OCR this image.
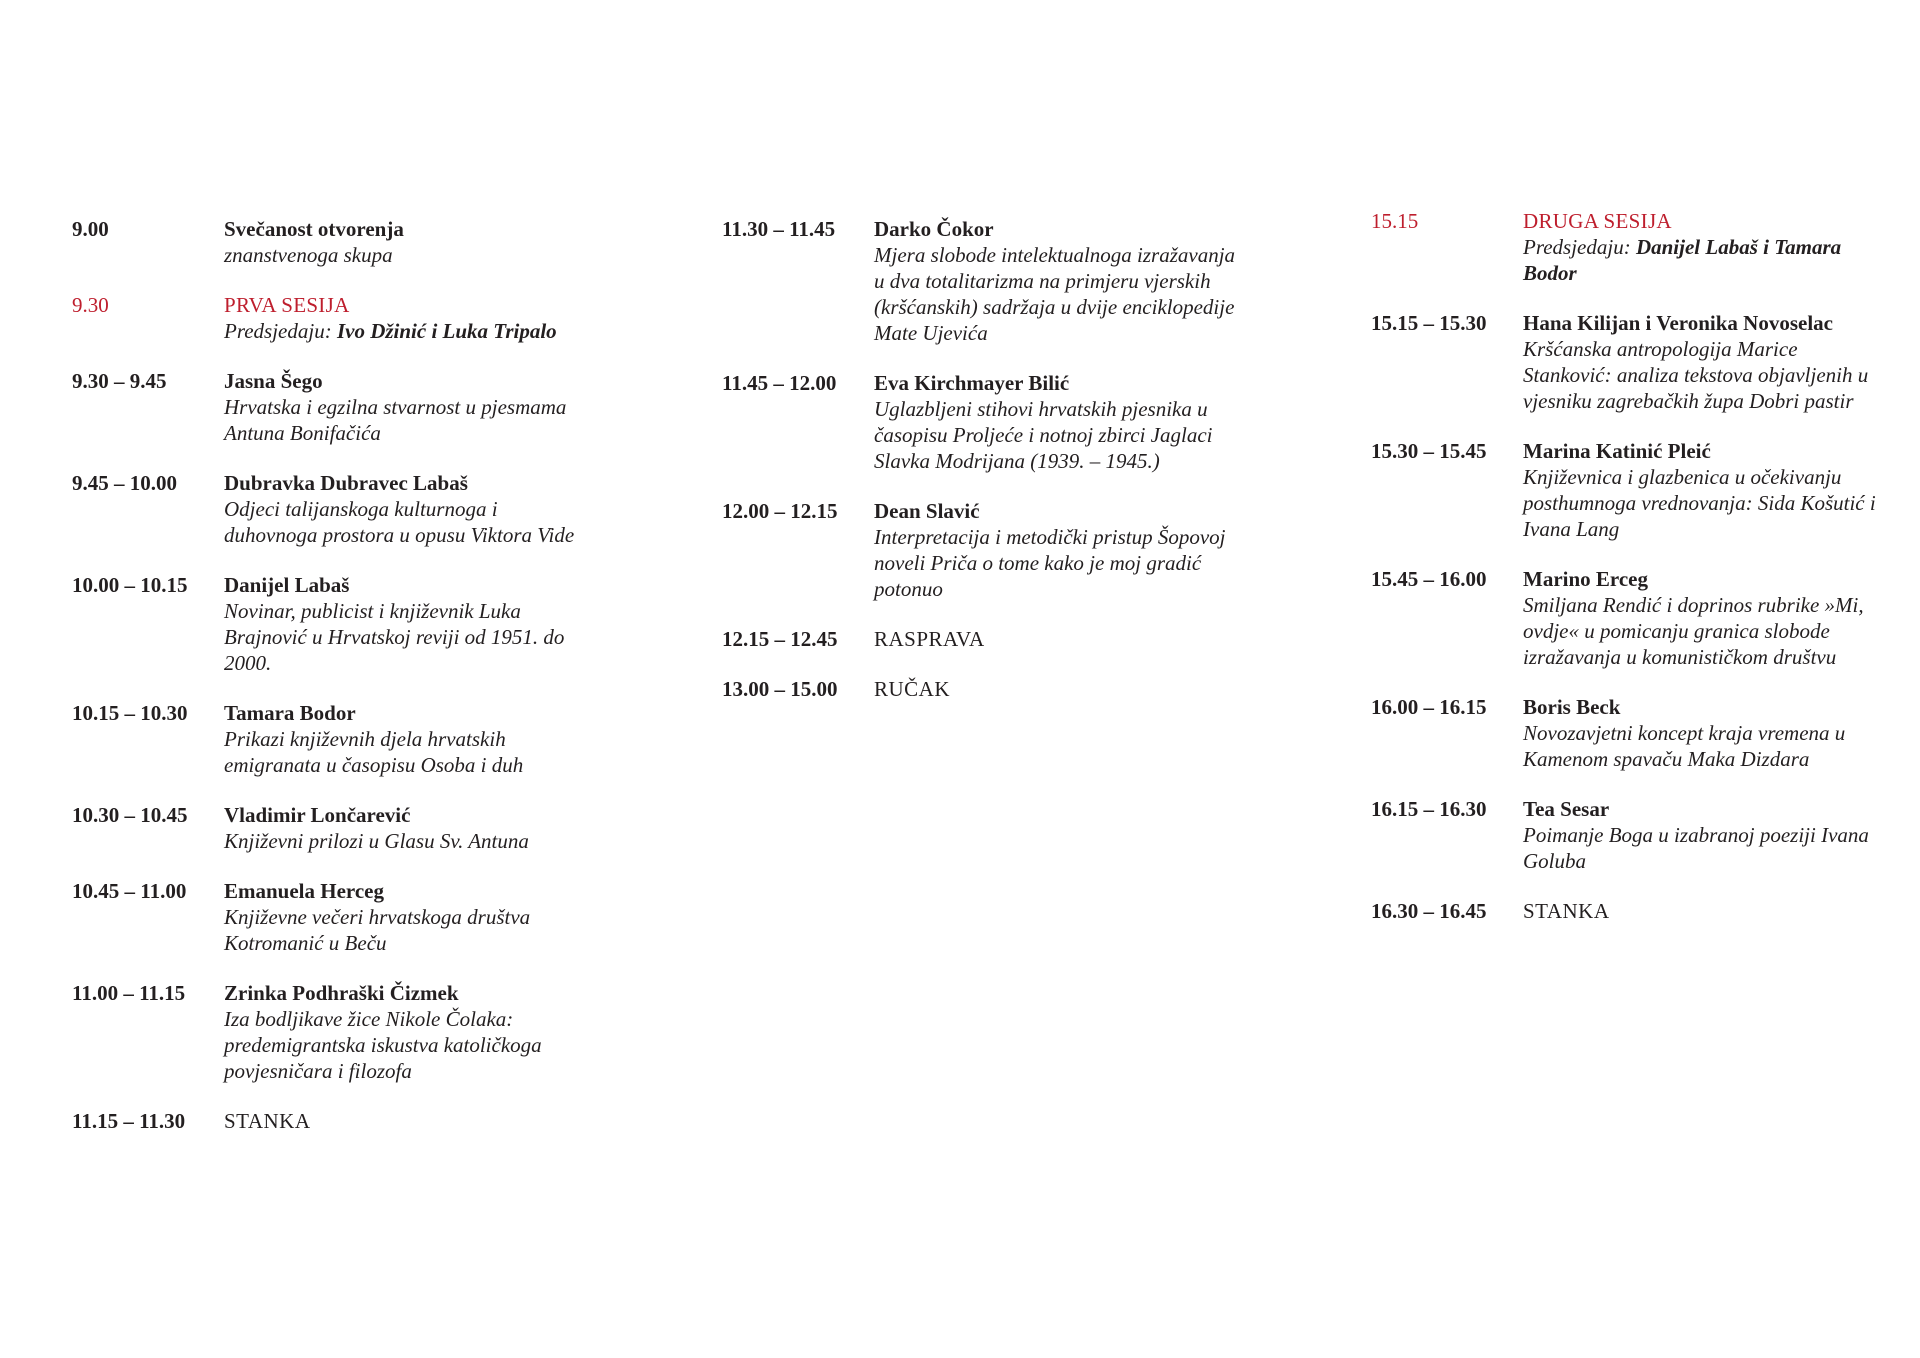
9.00	Svečanost otvorenja
znanstvenoga skupa
9.30	PRVA SESIJA
Predsjedaju: Ivo Džinić i Luka Tripalo
9.30 – 9.45	Jasna Šego
Hrvatska i egzilna stvarnost u pjesmama Antuna Bonifačića
9.45 – 10.00	Dubravka Dubravec Labaš
Odjeci talijanskoga kulturnoga i duhovnoga prostora u opusu Viktora Vide
10.00 – 10.15	Danijel Labaš
Novinar, publicist i književnik Luka Brajnović u Hrvatskoj reviji od 1951. do 2000.
10.15 – 10.30	Tamara Bodor
Prikazi književnih djela hrvatskih emigranata u časopisu Osoba i duh
10.30 – 10.45	Vladimir Lončarević
Književni prilozi u Glasu Sv. Antuna
10.45 – 11.00	Emanuela Herceg
Književne večeri hrvatskoga društva Kotromanić u Beču
11.00 – 11.15	Zrinka Podhraški Čizmek
Iza bodljikave žice Nikole Čolaka: predemigrantska iskustva katoličkoga povjesničara i filozofa
11.15 – 11.30	STANKA
11.30 – 11.45	Darko Čokor
Mjera slobode intelektualnoga izražavanja u dva totalitarizma na primjeru vjerskih (kršćanskih) sadržaja u dvije enciklopedije Mate Ujevića
11.45 – 12.00	Eva Kirchmayer Bilić
Uglazbljeni stihovi hrvatskih pjesnika u časopisu Proljeće i notnoj zbirci Jaglaci Slavka Modrijana (1939. – 1945.)
12.00 – 12.15	Dean Slavić
Interpretacija i metodički pristup Šopovoj noveli Priča o tome kako je moj gradić potonuo
12.15 – 12.45	RASPRAVA
13.00 – 15.00	RUČAK
15.15	DRUGA SESIJA
Predsjedaju: Danijel Labaš i Tamara Bodor
15.15 – 15.30	Hana Kilijan i Veronika Novoselac
Kršćanska antropologija Marice Stanković: analiza tekstova objavljenih u vjesniku zagrebačkih župa Dobri pastir
15.30 – 15.45	Marina Katinić Pleić
Književnica i glazbenica u očekivanju posthumnoga vrednovanja: Sida Košutić i Ivana Lang
15.45 – 16.00	Marino Erceg
Smiljana Rendić i doprinos rubrike »Mi, ovdje« u pomicanju granica slobode izražavanja u komunističkom društvu
16.00 – 16.15	Boris Beck
Novozavjetni koncept kraja vremena u Kamenom spavaču Maka Dizdara
16.15 – 16.30	Tea Sesar
Poimanje Boga u izabranoj poeziji Ivana Goluba
16.30 – 16.45	STANKA
